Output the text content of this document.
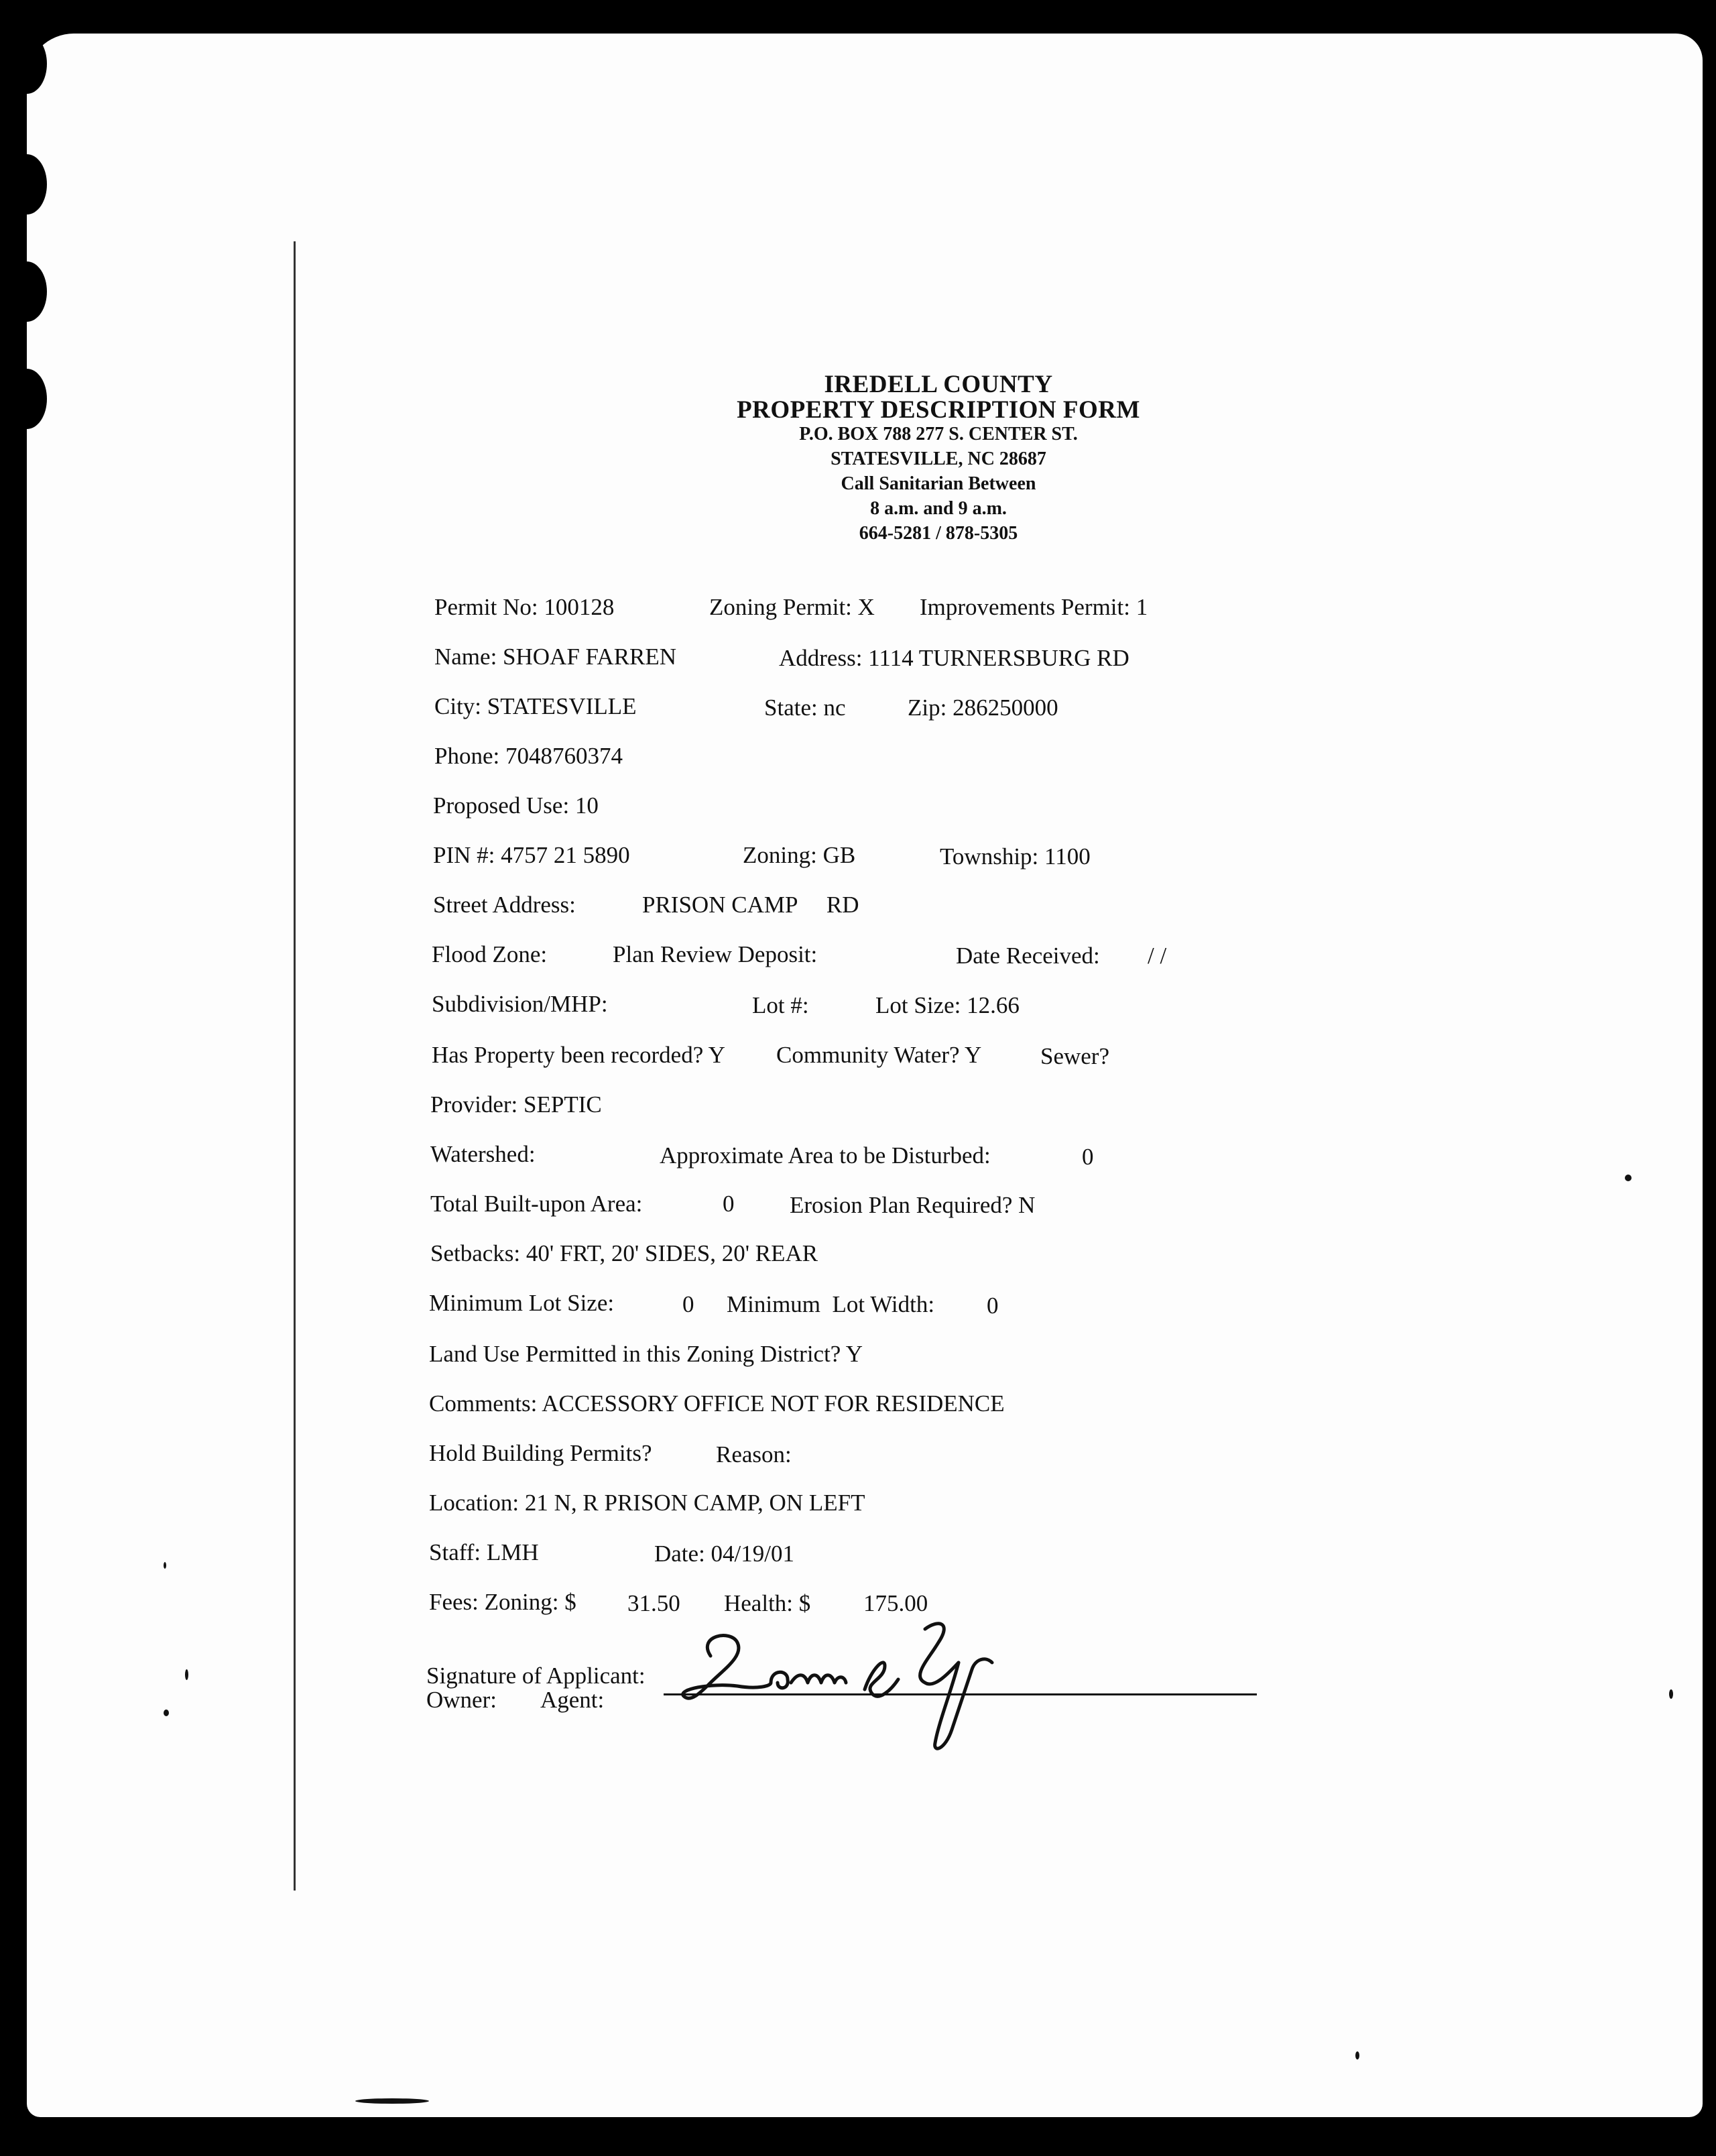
IREDELL COUNTY
PROPERTY DESCRIPTION FORM
P.O. BOX 788 277 S. CENTER ST.
STATESVILLE, NC 28687
Call Sanitarian Between
8 a.m. and 9 a.m.
664-5281 / 878-5305
Permit No: 100128	Zoning Permit: X Improvements Permit: 1
Name: SHOAF FARREN	Address: 1114 TURNERSBURG RD
City: STATESVILLE	State: nc	Zip: 286250000
Phone: 7048760374
Proposed Use: 10
PIN #: 4757 21 5890	Zoning: GB	Township: 1100
Street Address:	PRISON CAMP     RD
Flood Zone:	Plan Review Deposit:	Date Received: / /
Subdivision/MHP:	Lot #:	Lot Size: 12.66
Has Property been recorded? Y Community Water? Y	Sewer?
Provider: SEPTIC
Watershed:	Approximate Area to be Disturbed:	0
Total Built-upon Area:	0 Erosion Plan Required? N
Setbacks: 40' FRT, 20' SIDES, 20' REAR
Minimum Lot Size:	0 Minimum  Lot Width: 0
Land Use Permitted in this Zoning District? Y
Comments: ACCESSORY OFFICE NOT FOR RESIDENCE
Hold Building Permits?	Reason:
Location: 21 N, R PRISON CAMP, ON LEFT
Staff: LMH	Date: 04/19/01
Fees: Zoning: $ 31.50 Health: $ 175.00
Signature of Applicant:
Owner: Agent:
